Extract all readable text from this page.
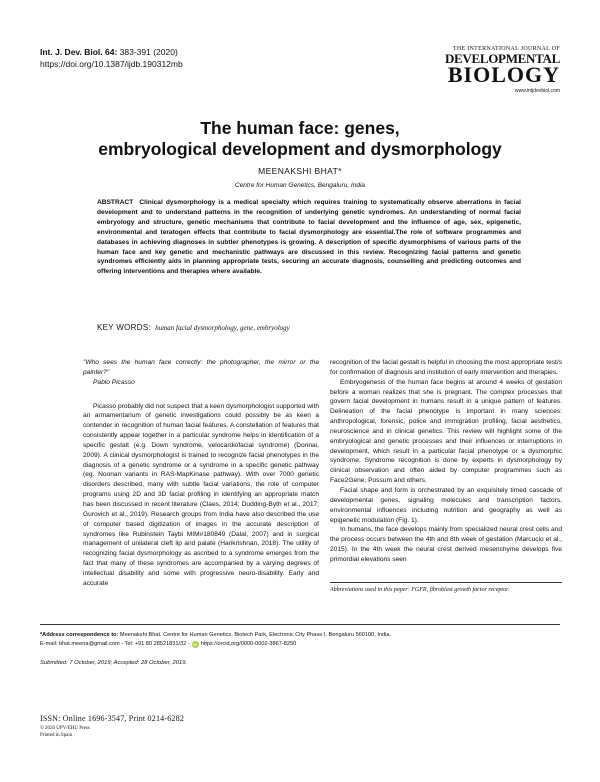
Int. J. Dev. Biol. 64: 383-391 (2020)
https://doi.org/10.1387/ijdb.190312mb
THE INTERNATIONAL JOURNAL OF
DEVELOPMENTAL
BIOLOGY
www.intjdevbiol.com
The human face: genes,
embryological development and dysmorphology
MEENAKSHI BHAT*
Centre for Human Genetics, Bengaluru, India
ABSTRACT Clinical dysmorphology is a medical specialty which requires training to systematically observe aberrations in facial development and to understand patterns in the recognition of underlying genetic syndromes. An understanding of normal facial embryology and structure, genetic mechanisms that contribute to facial development and the influence of age, sex, epigenetic, environmental and teratogen effects that contribute to facial dysmorphology are essential.The role of software programmes and databases in achieving diagnoses in subtler phenotypes is growing. A description of specific dysmorphisms of various parts of the human face and key genetic and mechanistic pathways are discussed in this review. Recognizing facial patterns and genetic syndromes efficiently aids in planning appropriate tests, securing an accurate diagnosis, counselling and predicting outcomes and offering interventions and therapies where available.
KEY WORDS: human facial dysmorphology, gene, embryology
"Who sees the human face correctly: the photographer, the mirror or the painter?"
Pablo Picasso

Picasso probably did not suspect that a keen dysmorphologist supported with an armamentarium of genetic investigations could possibly be as keen a contender in recognition of human facial features. A constellation of features that consistently appear together in a particular syndrome helps in identification of a specific gestalt (e.g. Down syndrome, velocardiofacial syndrome) (Donnai, 2009). A clinical dysmorphologist is trained to recognize facial phenotypes in the diagnosis of a genetic syndrome or a syndrome in a specific genetic pathway (eg. Noonan variants in RAS-MapKinase pathway). With over 7000 genetic disorders described, many with subtle facial variations, the role of computer programs using 2D and 3D facial profiling in identifying an appropriate match has been discussed in recent literature (Claes, 2014; Dudding-Byth et al., 2017; Gurovich et al., 2019). Research groups from India have also described the use of computer based digitization of images in the accurate description of syndromes like Rubinstein Taybi MIM#180849 (Dalal, 2007) and in surgical management of unilateral cleft lip and palate (Harikrishnan, 2018). The utility of recognizing facial dysmorphology as ascribed to a syndrome emerges from the fact that many of these syndromes are accompanied by a varying degrees of intellectual disability and some with progressive neuro-disability. Early and accurate

recognition of the facial gestalt is helpful in choosing the most appropriate test/s for confirmation of diagnosis and institution of early intervention and therapies.

Embryogenesis of the human face begins at around 4 weeks of gestation before a woman realizes that she is pregnant. The complex processes that govern facial development in humans result in a unique pattern of features. Delineation of the facial phenotype is important in many sciences: anthropological, forensic, police and immigration profiling, facial aesthetics, neuroscience and in clinical genetics. This review will highlight some of the embryological and genetic processes and their influences or interruptions in development, which result in a particular facial phenotype or a dysmorphic syndrome. Syndrome recognition is done by experts in dysmorphology by clinical observation and often aided by computer programmes such as Face2Gene, Possum and others.

Facial shape and form is orchestrated by an exquisitely timed cascade of developmental genes, signaling molecules and transcription factors, environmental influences including nutrition and geography as well as epigenetic modulation (Fig. 1).

In humans, the face develops mainly from specialized neural crest cells and the process occurs between the 4th and 8th week of gestation (Marcucio et al., 2015). In the 4th week the neural crest derived mesenchyme develops five primordial elevations seen

Abbreviations used in this paper: FGFR, fibroblast growth factor receptor.
*Address correspondence to: Meenakshi Bhat. Centre for Human Genetics, Biotech Park, Electronic City Phase I, Bengaluru 560100, India.
E-mail: bhat.meena@gmail.com - Tel: +91 80 28521831/32 - iD https://orcid.org/0000-0002-3867-8250
Submitted: 7 October, 2019; Accepted: 28 October, 2019.
ISSN: Online 1696-3547, Print 0214-6282
© 2020 UPV/EHU Press
Printed in Spain
